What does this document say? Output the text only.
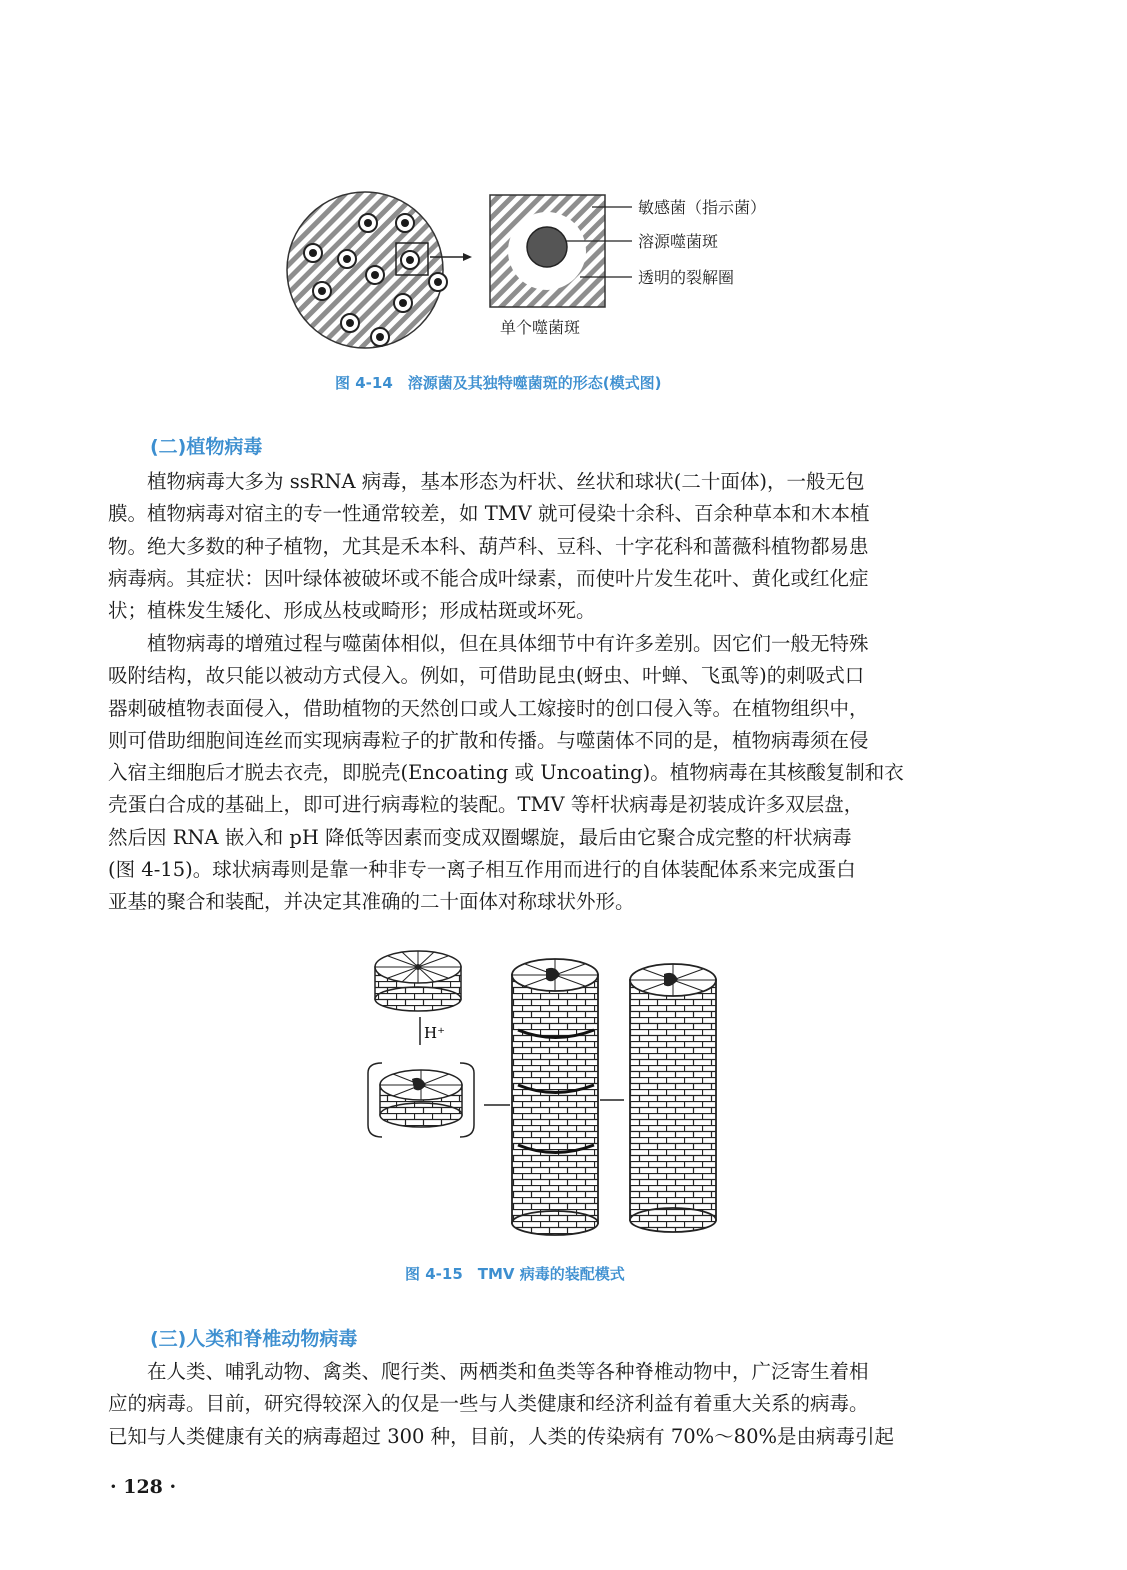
敏感菌（指示菌）
溶源噬菌斑
透明的裂解圈
单个噬菌斑
图 4-14　溶源菌及其独特噬菌斑的形态(模式图)
(二)植物病毒

　　植物病毒大多为 ssRNA 病毒，基本形态为杆状、丝状和球状(二十面体)，一般无包

膜。植物病毒对宿主的专一性通常较差，如 TMV 就可侵染十余科、百余种草本和木本植

物。绝大多数的种子植物，尤其是禾本科、葫芦科、豆科、十字花科和蔷薇科植物都易患

病毒病。其症状：因叶绿体被破坏或不能合成叶绿素，而使叶片发生花叶、黄化或红化症

状；植株发生矮化、形成丛枝或畸形；形成枯斑或坏死。

　　植物病毒的增殖过程与噬菌体相似，但在具体细节中有许多差别。因它们一般无特殊

吸附结构，故只能以被动方式侵入。例如，可借助昆虫(蚜虫、叶蝉、飞虱等)的刺吸式口

器刺破植物表面侵入，借助植物的天然创口或人工嫁接时的创口侵入等。在植物组织中，

则可借助细胞间连丝而实现病毒粒子的扩散和传播。与噬菌体不同的是，植物病毒须在侵

入宿主细胞后才脱去衣壳，即脱壳(Encoating 或 Uncoating)。植物病毒在其核酸复制和衣

壳蛋白合成的基础上，即可进行病毒粒的装配。TMV 等杆状病毒是初装成许多双层盘，

然后因 RNA 嵌入和 pH 降低等因素而变成双圈螺旋，最后由它聚合成完整的杆状病毒

(图 4-15)。球状病毒则是靠一种非专一离子相互作用而进行的自体装配体系来完成蛋白

亚基的聚合和装配，并决定其准确的二十面体对称球状外形。

H⁺
图 4-15　TMV 病毒的装配模式
(三)人类和脊椎动物病毒

　　在人类、哺乳动物、禽类、爬行类、两栖类和鱼类等各种脊椎动物中，广泛寄生着相

应的病毒。目前，研究得较深入的仅是一些与人类健康和经济利益有着重大关系的病毒。

已知与人类健康有关的病毒超过 300 种，目前，人类的传染病有 70%～80%是由病毒引起

· 128 ·
